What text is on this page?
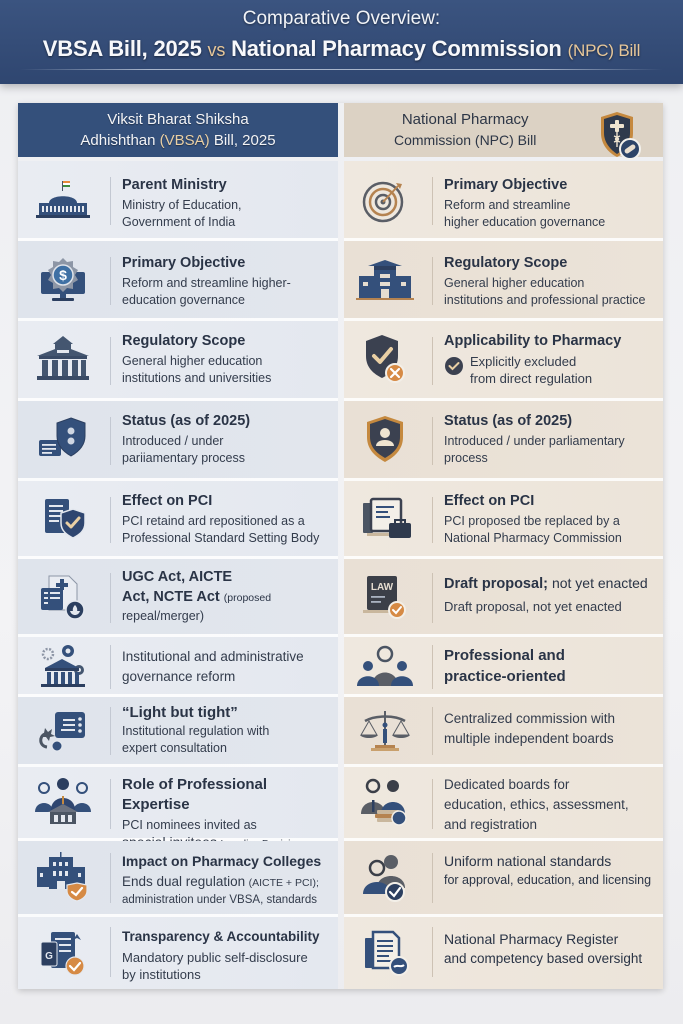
Comparative Overview:
VBSA Bill, 2025 vs National Pharmacy Commission (NPC) Bill
Viksit Bharat Shiksha
Adhishthan (VBSA) Bill, 2025
National Pharmacy
Commission (NPC) Bill
Parent Ministry
Ministry of Education,
Government of India
$
Primary Objective
Reform and streamline higher-
education governance
Regulatory Scope
General higher education
institutions and universities
Status (as of 2025)
Introduced / under
pariiamentary process
Effect on PCI
PCI retaind ard repositioned as a
Professional Standard Setting Body
UGC Act, AICTE
Act, NCTE Act (proposed
repeal/merger)
Institutional and administrative
governance reform
“Light but tight”
Institutional regulation with
expert consultation
Role of Professional Expertise
PCI nominees invited as
Impact on Pharmacy Colleges
Ends dual regulation (AICTE + PCI);
administration under VBSA, standards
G
Transparency & Accountability
Mandatory public self-disclosure
by institutions
Primary Objective
Reform and streamline
higher education governance
Regulatory Scope
General higher education
institutions and professional practice
Applicability to Pharmacy
Explicitly excluded
from direct regulation
Status (as of 2025)
Introduced / under parliamentary
process
Effect on PCI
PCI proposed tbe replaced by a
National Pharmacy Commission
LAW	Draft proposal; not yet enacted
Draft proposal, not yet enacted
Professional and
practice-oriented
Centralized commission with
multiple independent boards
Dedicated boards for
education, ethics, assessment,
and registration
Uniform national standards
for approval, education, and licensing
National Pharmacy Register
and competency based oversight
